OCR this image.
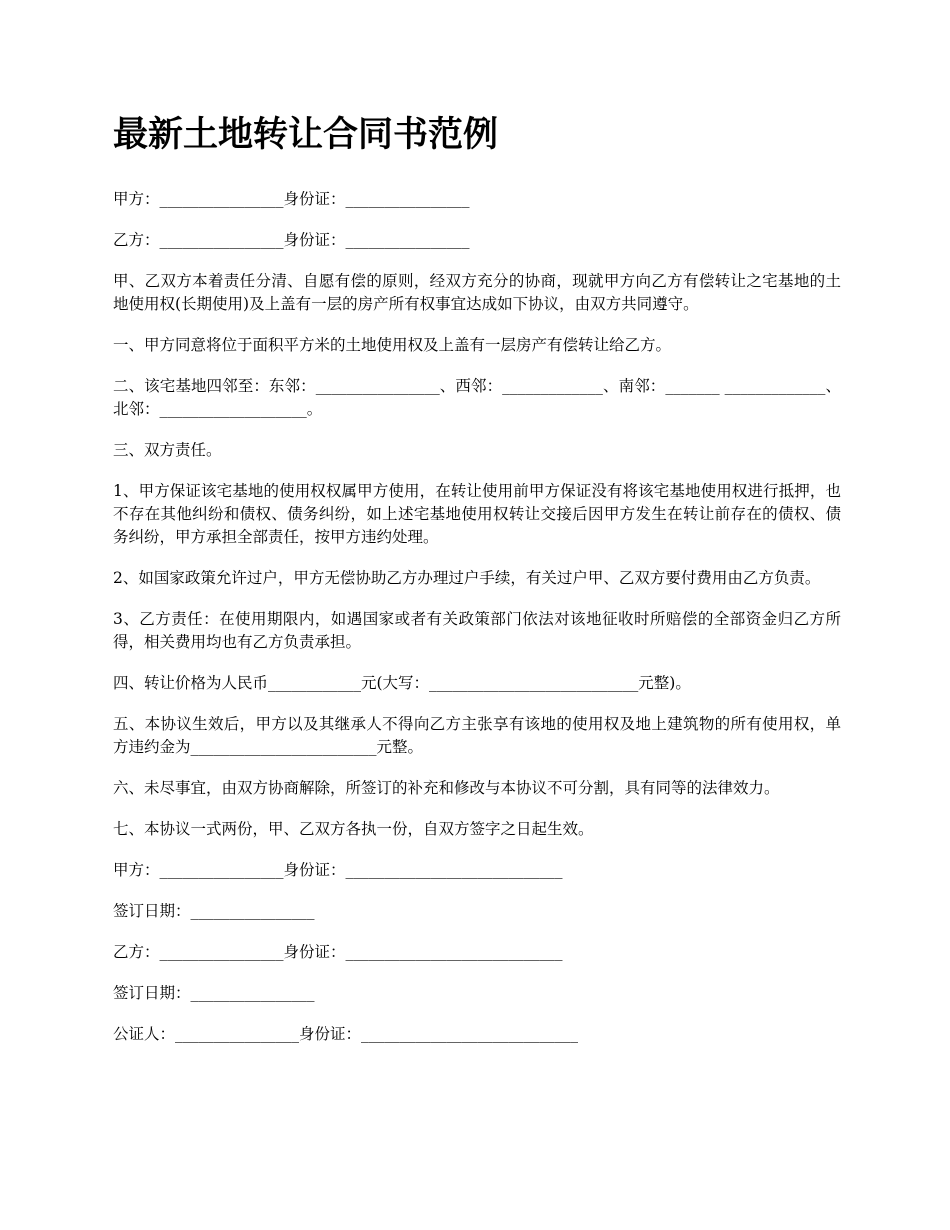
最新土地转让合同书范例

甲方：________________身份证：________________

乙方：________________身份证：________________

甲、乙双方本着责任分清、自愿有偿的原则，经双方充分的协商，现就甲方向乙方有偿转让之宅基地的土地使用权(长期使用)及上盖有一层的房产所有权事宜达成如下协议，由双方共同遵守。

一、甲方同意将位于面积平方米的土地使用权及上盖有一层房产有偿转让给乙方。

二、该宅基地四邻至：东邻：________________、西邻：_____________、南邻：_______ _____________、北邻：___________________。

三、双方责任。

1、甲方保证该宅基地的使用权权属甲方使用，在转让使用前甲方保证没有将该宅基地使用权进行抵押，也不存在其他纠纷和债权、债务纠纷，如上述宅基地使用权转让交接后因甲方发生在转让前存在的债权、债务纠纷，甲方承担全部责任，按甲方违约处理。

2、如国家政策允许过户，甲方无偿协助乙方办理过户手续，有关过户甲、乙双方要付费用由乙方负责。

3、乙方责任：在使用期限内，如遇国家或者有关政策部门依法对该地征收时所赔偿的全部资金归乙方所得，相关费用均也有乙方负责承担。

四、转让价格为人民币____________元(大写：___________________________元整)。

五、本协议生效后，甲方以及其继承人不得向乙方主张享有该地的使用权及地上建筑物的所有使用权，单方违约金为________________________元整。

六、未尽事宜，由双方协商解除，所签订的补充和修改与本协议不可分割，具有同等的法律效力。

七、本协议一式两份，甲、乙双方各执一份，自双方签字之日起生效。

甲方：________________身份证：____________________________

签订日期：________________

乙方：________________身份证：____________________________

签订日期：________________

公证人：________________身份证：____________________________
